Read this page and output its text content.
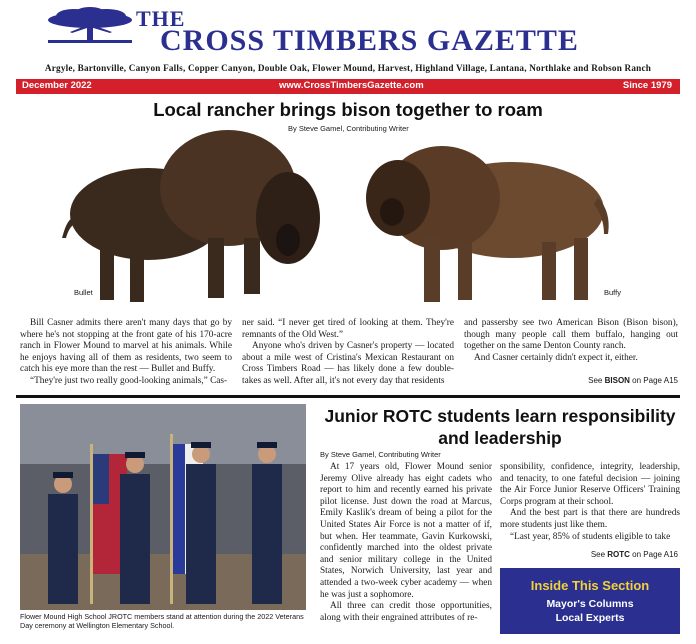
THE
CROSS TIMBERS GAZETTE
Argyle, Bartonville, Canyon Falls, Copper Canyon, Double Oak, Flower Mound, Harvest, Highland Village, Lantana, Northlake and Robson Ranch
December 2022	www.CrossTimbersGazette.com	Since 1979
Local rancher brings bison together to roam
By Steve Gamel, Contributing Writer
Bullet	Buffy

Bill Casner admits there aren't many days that go by where he's not stopping at the front gate of his 170-acre ranch in Flower Mound to marvel at his animals. While he enjoys having all of them as residents, two seem to catch his eye more than the rest — Bullet and Buffy.

“They're just two really good-looking animals,” Cas-

ner said. “I never get tired of looking at them. They're remnants of the Old West.”

Anyone who's driven by Casner's property — located about a mile west of Cristina's Mexican Restaurant on Cross Timbers Road — has likely done a few double-takes as well. After all, it's not every day that residents

and passersby see two American Bison (Bison bison), though many people call them buffalo, hanging out together on the same Denton County ranch.

And Casner certainly didn't expect it, either.

See BISON on Page A15
Flower Mound High School JROTC members stand at attention during the 2022 Veterans Day ceremony at Wellington Elementary School.
Junior ROTC students learn responsibility and leadership
By Steve Gamel, Contributing Writer

At 17 years old, Flower Mound senior Jeremy Olive already has eight cadets who report to him and recently earned his private pilot license. Just down the road at Marcus, Emily Kaslik's dream of being a pilot for the United States Air Force is not a matter of if, but when. Her teammate, Gavin Kurkowski, confidently marched into the oldest private and senior military college in the United States, Norwich University, last year and attended a two-week cyber academy — when he was just a sophomore.

All three can credit those opportunities, along with their engrained attributes of re-

sponsibility, confidence, integrity, leadership, and tenacity, to one fateful decision — joining the Air Force Junior Reserve Officers' Training Corps program at their school.

And the best part is that there are hundreds more students just like them.

“Last year, 85% of students eligible to take

See ROTC on Page A16
Inside This Section
Mayor's Columns
Local Experts
